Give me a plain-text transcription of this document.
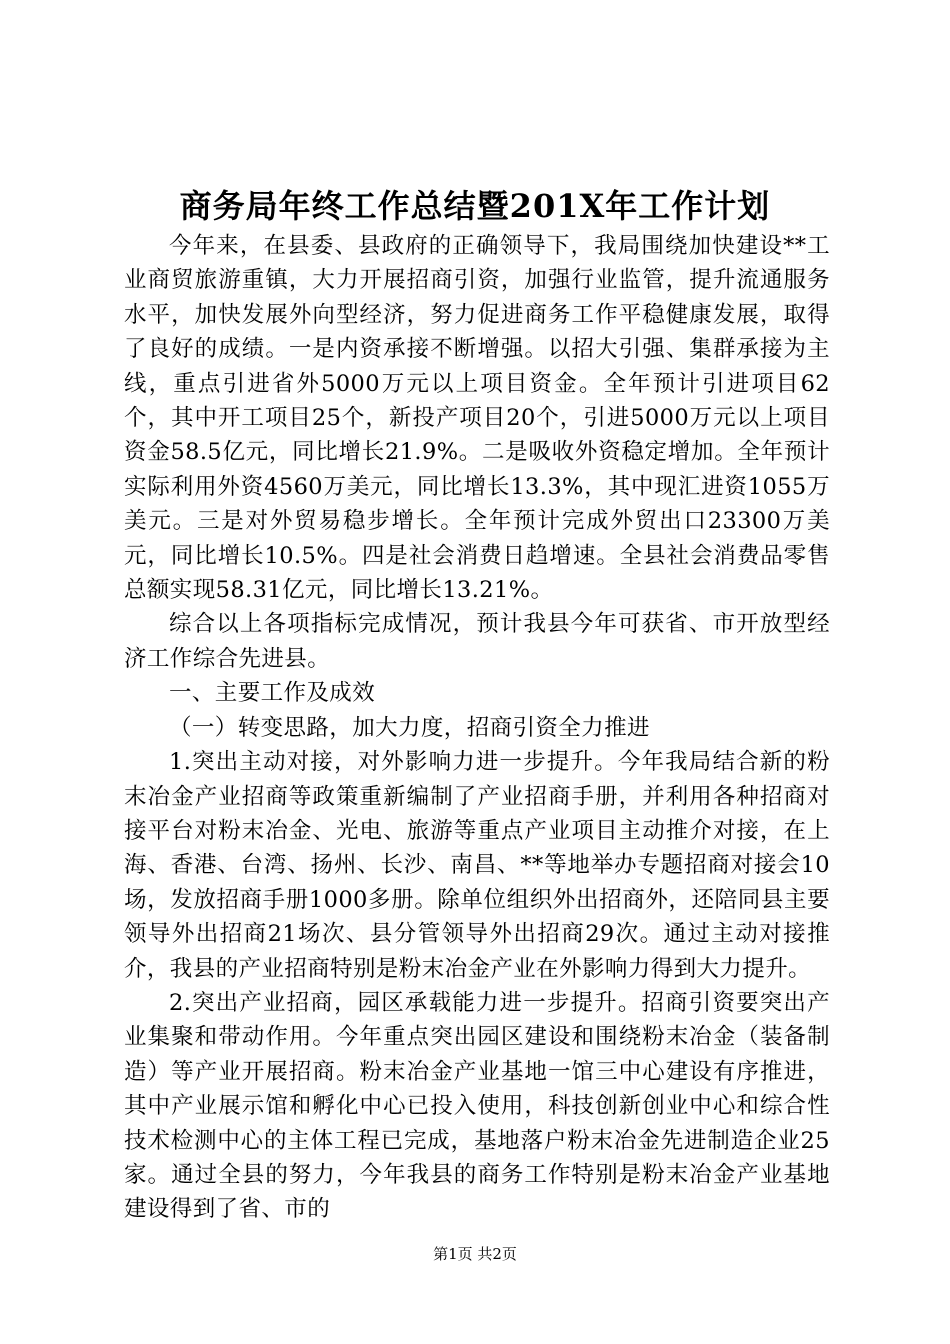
商务局年终工作总结暨201X年工作计划

今年来，在县委、县政府的正确领导下，我局围绕加快建设**工业商贸旅游重镇，大力开展招商引资，加强行业监管，提升流通服务水平，加快发展外向型经济，努力促进商务工作平稳健康发展，取得了良好的成绩。一是内资承接不断增强。以招大引强、集群承接为主线，重点引进省外5000万元以上项目资金。全年预计引进项目62个，其中开工项目25个，新投产项目20个，引进5000万元以上项目资金58.5亿元，同比增长21.9%。二是吸收外资稳定增加。全年预计实际利用外资4560万美元，同比增长13.3%，其中现汇进资1055万美元。三是对外贸易稳步增长。全年预计完成外贸出口23300万美元，同比增长10.5%。四是社会消费日趋增速。全县社会消费品零售总额实现58.31亿元，同比增长13.21%。

综合以上各项指标完成情况，预计我县今年可获省、市开放型经济工作综合先进县。

一、主要工作及成效

（一）转变思路，加大力度，招商引资全力推进

1.突出主动对接，对外影响力进一步提升。今年我局结合新的粉末冶金产业招商等政策重新编制了产业招商手册，并利用各种招商对接平台对粉末冶金、光电、旅游等重点产业项目主动推介对接，在上海、香港、台湾、扬州、长沙、南昌、**等地举办专题招商对接会10场，发放招商手册1000多册。除单位组织外出招商外，还陪同县主要领导外出招商21场次、县分管领导外出招商29次。通过主动对接推介，我县的产业招商特别是粉末冶金产业在外影响力得到大力提升。

2.突出产业招商，园区承载能力进一步提升。招商引资要突出产业集聚和带动作用。今年重点突出园区建设和围绕粉末冶金（装备制造）等产业开展招商。粉末冶金产业基地一馆三中心建设有序推进，其中产业展示馆和孵化中心已投入使用，科技创新创业中心和综合性技术检测中心的主体工程已完成，基地落户粉末冶金先进制造企业25家。通过全县的努力，今年我县的商务工作特别是粉末冶金产业基地建设得到了省、市的

第1页 共2页
